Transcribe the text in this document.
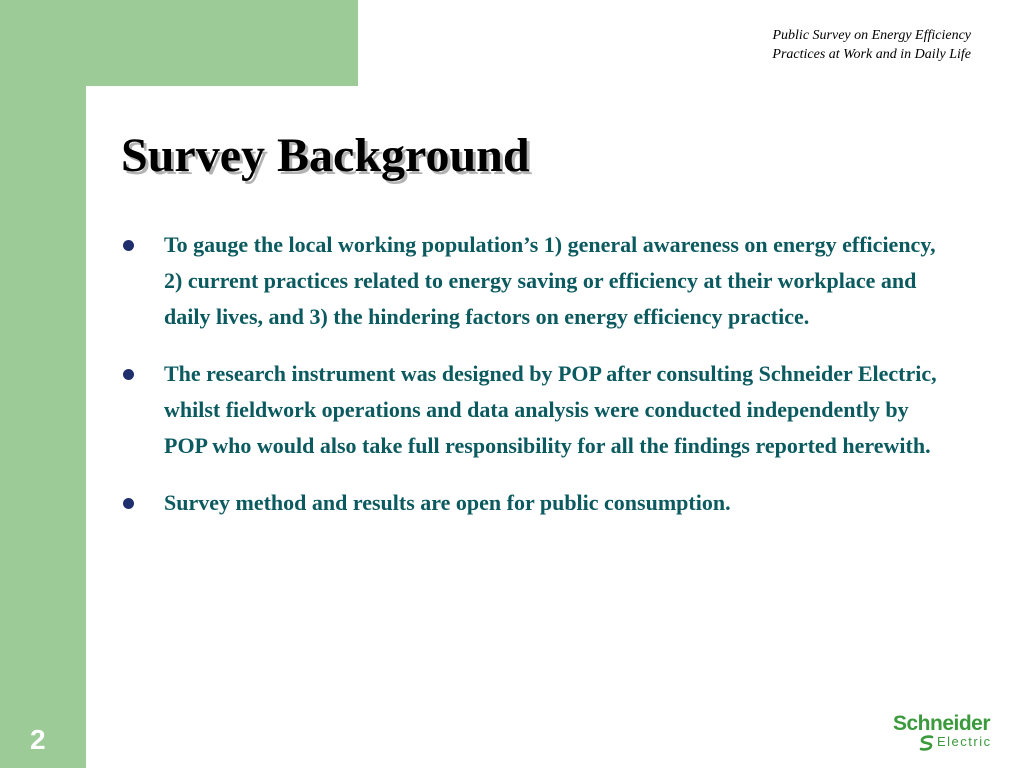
Public Survey on Energy Efficiency
Practices at Work and in Daily Life
Survey Background
To gauge the local working population’s 1) general awareness on energy efficiency, 2) current practices related to energy saving or efficiency at their workplace and daily lives, and 3) the hindering factors on energy efficiency practice.
The research instrument was designed by POP after consulting Schneider Electric, whilst fieldwork operations and data analysis were conducted independently by POP who would also take full responsibility for all the findings reported herewith.
Survey method and results are open for public consumption.
2
Schneider
Electric
